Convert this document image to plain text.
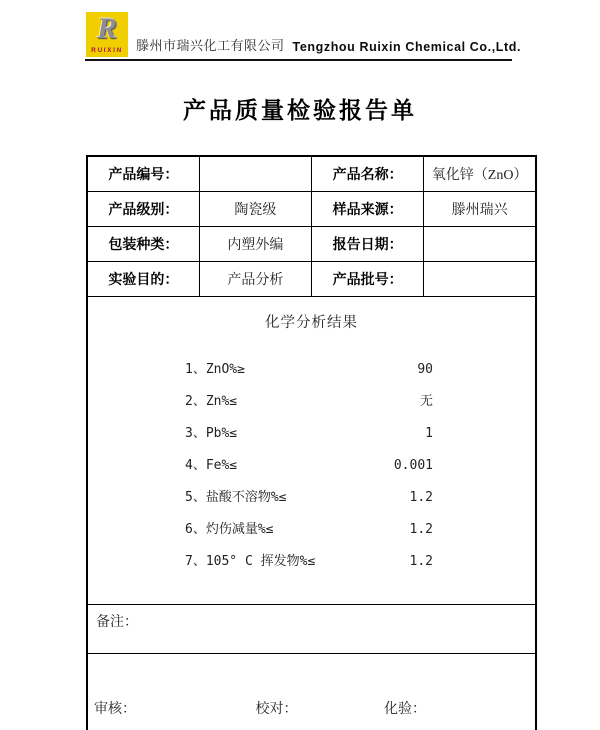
R
RUIXIN 滕州市瑞兴化工有限公司 Tengzhou Ruixin Chemical Co.,Ltd.
产品质量检验报告单
产品编号：		产品名称：	氧化锌（ZnO）
产品级别：	陶瓷级	样品来源：	滕州瑞兴
包装种类：	内塑外编	报告日期：	
实验目的：	产品分析	产品批号：	

化学分析结果
1、ZnO%≥	90
2、Zn%≤	无
3、Pb%≤	1
4、Fe%≤	0.001
5、盐酸不溶物%≤	1.2
6、灼伤减量%≤	1.2
7、105° C 挥发物%≤	1.2

备注：			
审核： 校对： 化验：			
